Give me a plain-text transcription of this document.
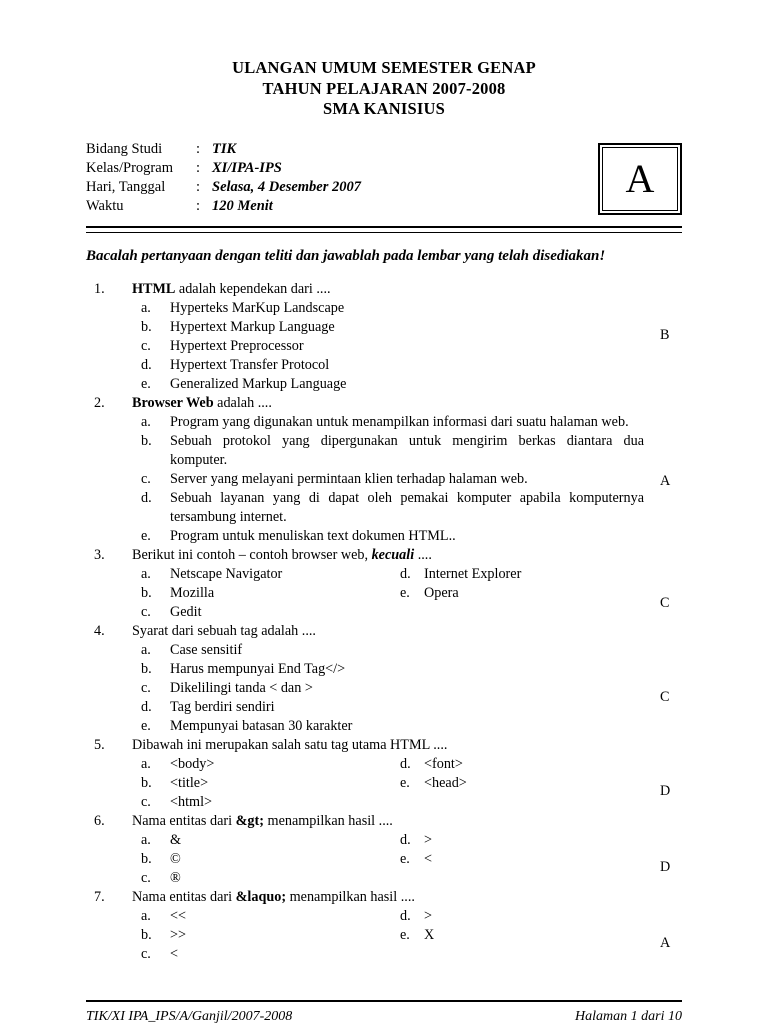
ULANGAN UMUM SEMESTER GENAP
TAHUN PELAJARAN 2007-2008
SMA KANISIUS
Bidang Studi	:	TIK
Kelas/Program	:	XI/IPA-IPS
Hari, Tanggal	:	Selasa, 4 Desember 2007
Waktu	:	120 Menit
A
Bacalah pertanyaan dengan teliti dan jawablah pada lembar yang telah disediakan!
1.	HTML adalah kependekan dari ....
a.	Hyperteks MarKup Landscape
b.	Hypertext Markup Language
c.	Hypertext Preprocessor
d.	Hypertext Transfer Protocol
e.	Generalized Markup Language
2.	Browser Web adalah ....
a.	Program yang digunakan untuk menampilkan informasi dari suatu halaman web.
b.	Sebuah protokol yang dipergunakan untuk mengirim berkas diantara dua komputer.
c.	Server yang melayani permintaan klien terhadap halaman web.
d.	Sebuah layanan yang di dapat oleh pemakai komputer apabila komputernya tersambung internet.
e.	Program untuk menuliskan text dokumen HTML..
3.	Berikut ini contoh – contoh browser web, kecuali ....
a.	Netscape Navigator
b.	Mozilla
c.	Gedit
d. Internet Explorer
e. Opera
4.	Syarat dari sebuah tag adalah ....
a.	Case sensitif
b.	Harus mempunyai End Tag</>
c.	Dikelilingi tanda < dan >
d.	Tag berdiri sendiri
e.	Mempunyai batasan 30 karakter
5.	Dibawah ini merupakan salah satu tag utama HTML ....
a.	<body>
b.	<title>
c.	<html>
d. <font>
e. <head>
6.	Nama entitas dari &gt; menampilkan hasil ....
a.	&
b.	©
c.	®
d. >
e. <
7.	Nama entitas dari &laquo; menampilkan hasil ....
a.	<<
b.	>>
c.	<
d. >
e. X
B
A
C
C
D
D
A
TIK/XI IPA_IPS/A/Ganjil/2007-2008	Halaman 1 dari 10
